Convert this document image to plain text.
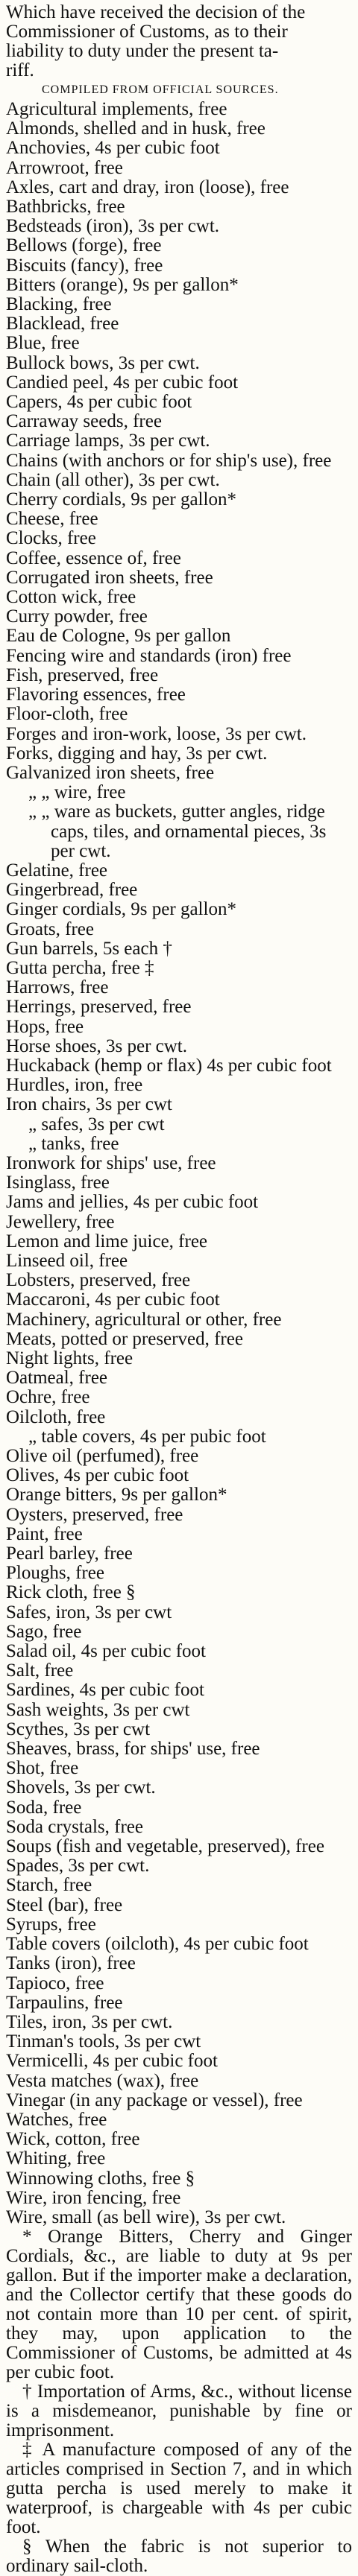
Which have received the decision of the
Commissioner of Customs, as to their
liability to duty under the present ta-
riff.

COMPILED FROM OFFICIAL SOURCES.

Agricultural implements, free
Almonds, shelled and in husk, free
Anchovies, 4s per cubic foot
Arrowroot, free
Axles, cart and dray, iron (loose), free
Bathbricks, free
Bedsteads (iron), 3s per cwt.
Bellows (forge), free
Biscuits (fancy), free
Bitters (orange), 9s per gallon*
Blacking, free
Blacklead, free
Blue, free
Bullock bows, 3s per cwt.
Candied peel, 4s per cubic foot
Capers, 4s per cubic foot
Carraway seeds, free
Carriage lamps, 3s per cwt.
Chains (with anchors or for ship's use), free
Chain (all other), 3s per cwt.
Cherry cordials, 9s per gallon*
Cheese, free
Clocks, free
Coffee, essence of, free
Corrugated iron sheets, free
Cotton wick, free
Curry powder, free
Eau de Cologne, 9s per gallon
Fencing wire and standards (iron) free
Fish, preserved, free
Flavoring essences, free
Floor-cloth, free
Forges and iron-work, loose, 3s per cwt.
Forks, digging and hay, 3s per cwt.
Galvanized iron sheets, free
„ „ wire, free
„ „ ware as buckets, gutter angles, ridge caps, tiles, and ornamental pieces, 3s per cwt.
Gelatine, free
Gingerbread, free
Ginger cordials, 9s per gallon*
Groats, free
Gun barrels, 5s each †
Gutta percha, free ‡
Harrows, free
Herrings, preserved, free
Hops, free
Horse shoes, 3s per cwt.
Huckaback (hemp or flax) 4s per cubic foot
Hurdles, iron, free
Iron chairs, 3s per cwt
„ safes, 3s per cwt
„ tanks, free
Ironwork for ships' use, free
Isinglass, free
Jams and jellies, 4s per cubic foot
Jewellery, free
Lemon and lime juice, free
Linseed oil, free
Lobsters, preserved, free
Maccaroni, 4s per cubic foot
Machinery, agricultural or other, free
Meats, potted or preserved, free
Night lights, free
Oatmeal, free
Ochre, free
Oilcloth, free
„ table covers, 4s per pubic foot
Olive oil (perfumed), free
Olives, 4s per cubic foot
Orange bitters, 9s per gallon*
Oysters, preserved, free
Paint, free
Pearl barley, free
Ploughs, free
Rick cloth, free §
Safes, iron, 3s per cwt
Sago, free
Salad oil, 4s per cubic foot
Salt, free
Sardines, 4s per cubic foot
Sash weights, 3s per cwt
Scythes, 3s per cwt
Sheaves, brass, for ships' use, free
Shot, free
Shovels, 3s per cwt.
Soda, free
Soda crystals, free
Soups (fish and vegetable, preserved), free
Spades, 3s per cwt.
Starch, free
Steel (bar), free
Syrups, free
Table covers (oilcloth), 4s per cubic foot
Tanks (iron), free
Tapioco, free
Tarpaulins, free
Tiles, iron, 3s per cwt.
Tinman's tools, 3s per cwt
Vermicelli, 4s per cubic foot
Vesta matches (wax), free
Vinegar (in any package or vessel), free
Watches, free
Wick, cotton, free
Whiting, free
Winnowing cloths, free §
Wire, iron fencing, free
Wire, small (as bell wire), 3s per cwt.

* Orange Bitters, Cherry and Ginger Cordials, &c., are liable to duty at 9s per gallon. But if the importer make a declaration, and the Collector certify that these goods do not contain more than 10 per cent. of spirit, they may, upon application to the Commissioner of Customs, be admitted at 4s per cubic foot.

† Importation of Arms, &c., without license is a misdemeanor, punishable by fine or imprisonment.

‡ A manufacture composed of any of the articles comprised in Section 7, and in which gutta percha is used merely to make it waterproof, is chargeable with 4s per cubic foot.

§ When the fabric is not superior to ordinary sail-cloth.
